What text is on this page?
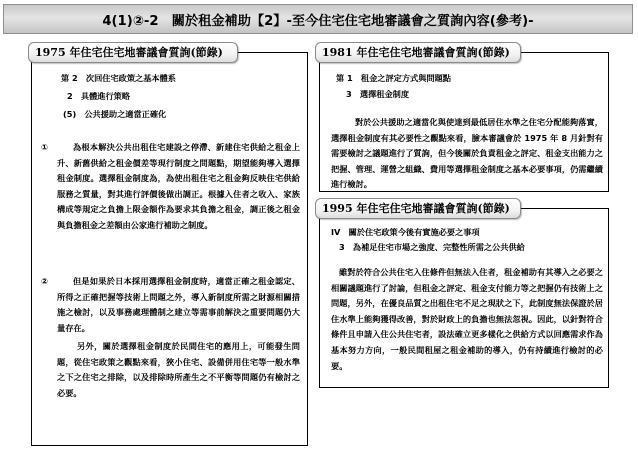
4(1)②-2　關於租金補助【2】-至今住宅住宅地審議會之質詢內容(參考)-
1975 年住宅住宅地審議會質詢(節錄)
第 2　次回住宅政策之基本體系
2　具體進行策略
(5)　公共援助之適當正確化
①	為根本解決公共出租住宅建設之停滯、新建住宅供給之租金上升、新舊供給之租金價差等現行制度之問題點，期望能夠導入選擇租金制度。選擇租金制度為，為使出租住宅之租金夠反映住宅供給服務之質量，對其進行評價後做出調正。根據入住者之收入、家族構成等規定之負擔上限金額作為要求其負擔之租金，調正後之租金與負擔租金之差額由公家進行補助之制度。

②	但是如果於日本採用選擇租金制度時，適當正確之租金認定、所得之正確把握等技術上問題之外，導入新制度所需之財源相關措施之檢討，以及事務處理體制之建立等需事前解決之重要問題仍大量存在。

另外，關於選擇租金制度於民間住宅的應用上，可能發生問題，從住宅政策之觀點來看，狹小住宅、設備併用住宅等一般水準之下之住宅之排除，以及排除時所產生之不平衡等問題仍有檢討之必要。

1981 年住宅住宅地審議會質詢(節錄)
第 1　租金之評定方式與問題點
3　選擇租金制度

對於公共援助之適當化與使達到最低居住水準之住宅分配能夠落實，選擇租金制度有其必要性之觀點來看，臉本審議會於 1975 年 8 月針對有需要檢討之議題進行了質詢，但今後關於負責租金之評定、租金支出能力之把握、管理、運營之組織、費用等選擇租金制度之基本必要事項，仍需繼續進行檢討。

1995 年住宅住宅地審議會質詢(節錄)
IV　關於住宅政策今後有實施必要之事項
3　為補足住宅市場之強度、完整性所需之公共供給

雖對於符合公共住宅入住條件但無法入住者，租金補助有其導入之必要之相關議題進行了討論，但租金之評定、租金支付能力等之把握仍有技術上之問題，另外，在優良品質之出租住宅不足之現狀之下，此制度無法保證於居住水準上能夠獲得改善，對於財政上的負擔也無法忽視。因此，以針對符合條件且申請入住公共住宅者，設法確立更多樣化之供給方式以回應需求作為基本努力方向，一般民間租屋之租金補助的導入，仍有持續進行檢討的必要。
